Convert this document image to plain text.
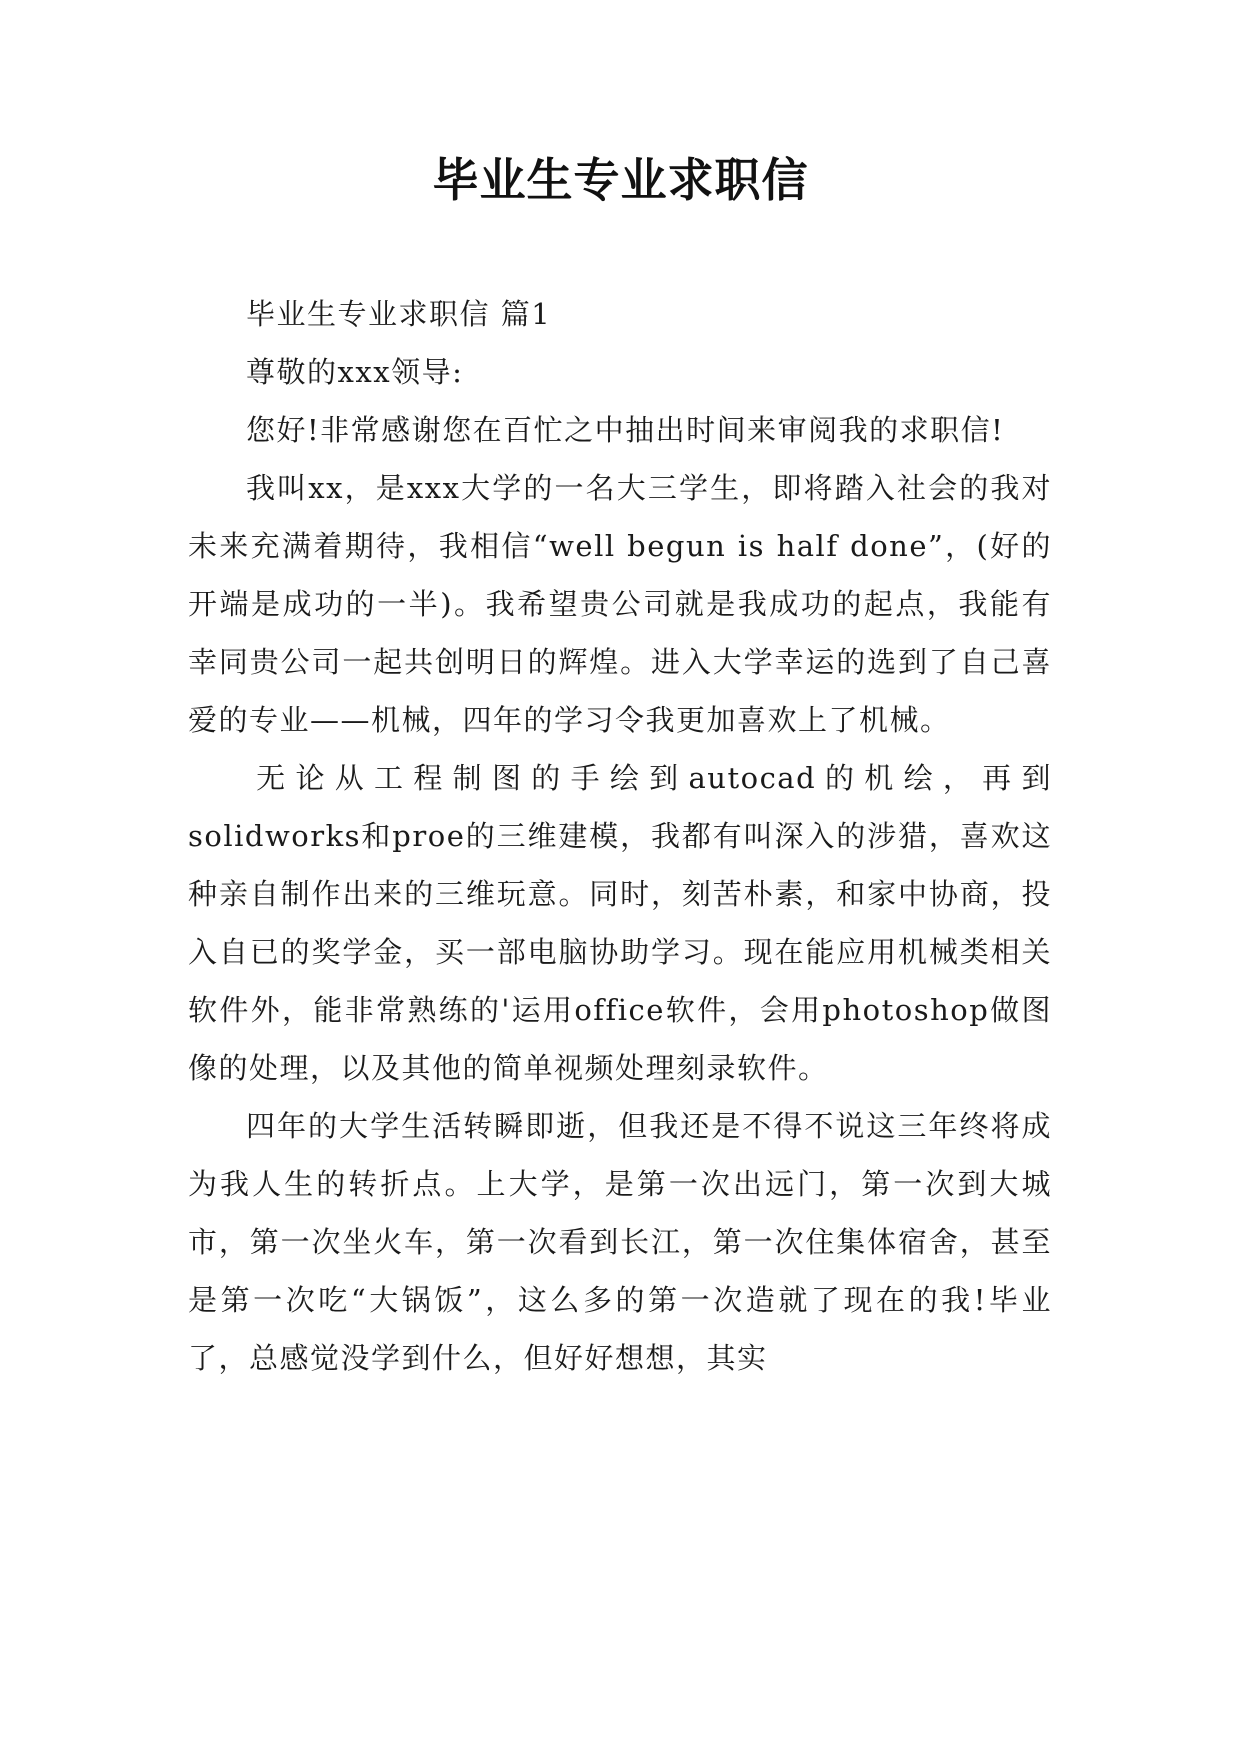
毕业生专业求职信

毕业生专业求职信 篇1

尊敬的xxx领导:

您好!非常感谢您在百忙之中抽出时间来审阅我的求职信!

我叫xx，是xxx大学的一名大三学生，即将踏入社会的我对未来充满着期待，我相信“well begun is half done”，(好的开端是成功的一半)。我希望贵公司就是我成功的起点，我能有幸同贵公司一起共创明日的辉煌。进入大学幸运的选到了自己喜爱的专业——机械，四年的学习令我更加喜欢上了机械。

无论从工程制图的手绘到autocad的机绘，再到solidworks和proe的三维建模，我都有叫深入的涉猎，喜欢这种亲自制作出来的三维玩意。同时，刻苦朴素，和家中协商，投入自已的奖学金，买一部电脑协助学习。现在能应用机械类相关软件外，能非常熟练的'运用office软件，会用photoshop做图像的处理，以及其他的简单视频处理刻录软件。

四年的大学生活转瞬即逝，但我还是不得不说这三年终将成为我人生的转折点。上大学，是第一次出远门，第一次到大城市，第一次坐火车，第一次看到长江，第一次住集体宿舍，甚至是第一次吃“大锅饭”，这么多的第一次造就了现在的我!毕业了，总感觉没学到什么，但好好想想，其实
